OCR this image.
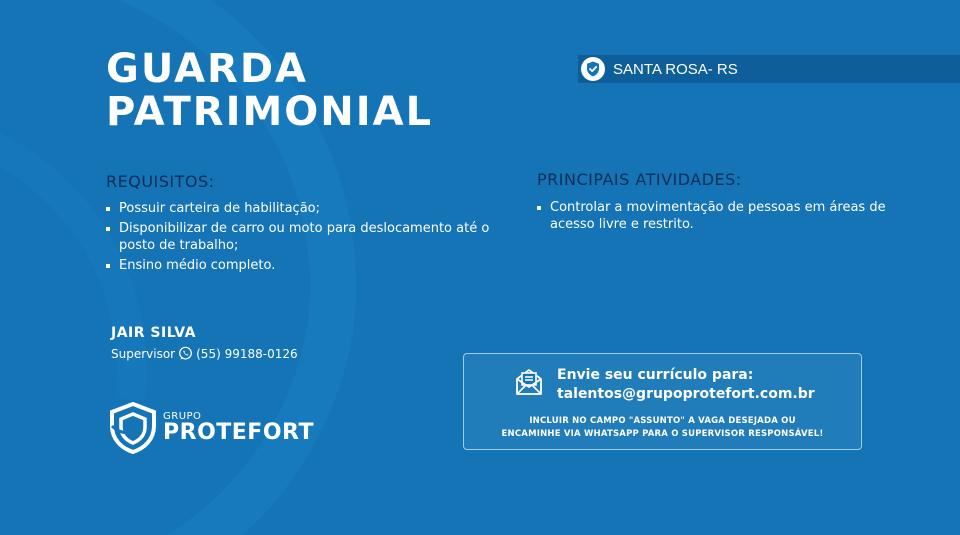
GUARDA
PATRIMONIAL
SANTA ROSA- RS
REQUISITOS:
Possuir carteira de habilitação;
Disponibilizar de carro ou moto para deslocamento até o posto de trabalho;
Ensino médio completo.
PRINCIPAIS ATIVIDADES:
Controlar a movimentação de pessoas em áreas de acesso livre e restrito.

JAIR SILVA

Supervisor (55) 99188-0126
GRUPO
PROTEFORT
Envie seu currículo para:
talentos@grupoprotefort.com.br
INCLUIR NO CAMPO "ASSUNTO" A VAGA DESEJADA OU
ENCAMINHE VIA WHATSAPP PARA O SUPERVISOR RESPONSÁVEL!
